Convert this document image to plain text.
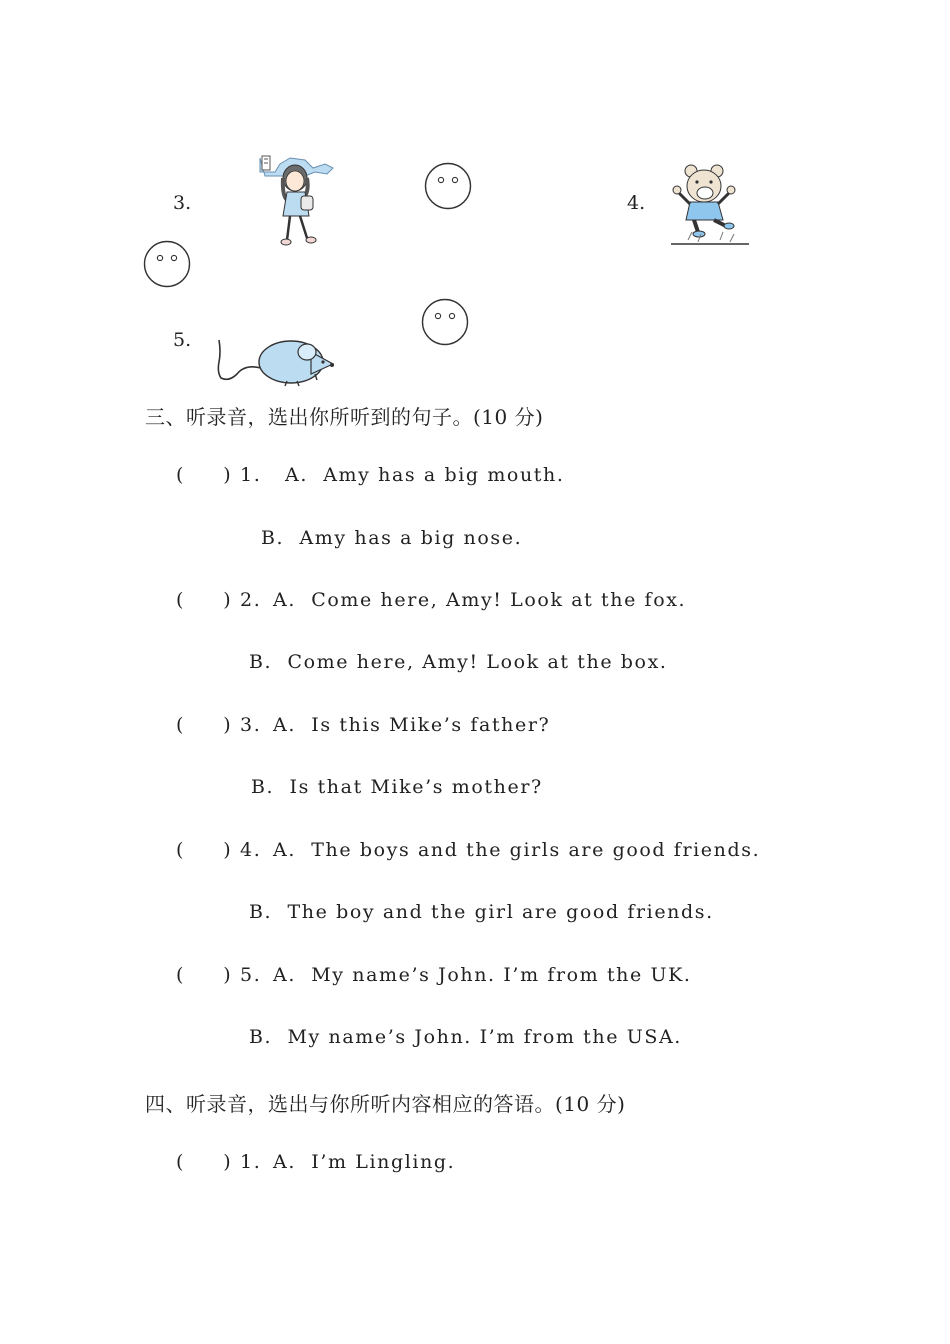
3.

	4.

5.

三、听录音，选出你所听到的句子。(10 分)
(     ) 1. A.  Amy has a big mouth.
B.  Amy has a big nose.
(     ) 2. A.  Come here, Amy! Look at the fox.
B.  Come here, Amy! Look at the box.
(     ) 3. A.  Is this Mike’s father?
B.  Is that Mike’s mother?
(     ) 4. A.  The boys and the girls are good friends.
B.  The boy and the girl are good friends.
(     ) 5. A.  My name’s John. I’m from the UK.
B.  My name’s John. I’m from the USA.
四、听录音，选出与你所听内容相应的答语。(10 分)
(     ) 1. A.  I’m Lingling.
